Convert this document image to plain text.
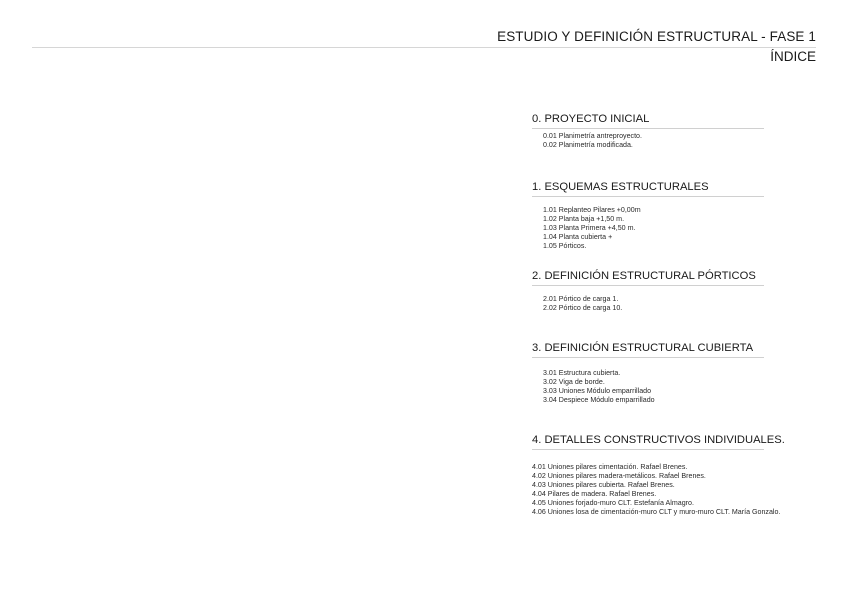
ESTUDIO Y DEFINICIÓN ESTRUCTURAL - FASE 1
ÍNDICE
0. PROYECTO INICIAL
0.01 Planimetría antreproyecto.
0.02 Planimetría modificada.
1. ESQUEMAS ESTRUCTURALES
1.01 Replanteo Pilares +0,00m
1.02 Planta baja +1,50 m.
1.03 Planta Primera +4,50 m.
1.04 Planta cubierta +
1.05 Pórticos.
2. DEFINICIÓN ESTRUCTURAL PÓRTICOS
2.01 Pórtico de carga 1.
2.02 Pórtico de carga 10.
3. DEFINICIÓN ESTRUCTURAL CUBIERTA
3.01 Estructura cubierta.
3.02 Viga de borde.
3.03 Uniones Módulo emparrillado
3.04 Despiece Módulo emparrillado
4. DETALLES CONSTRUCTIVOS INDIVIDUALES.
4.01 Uniones pilares cimentación. Rafael Brenes.
4.02 Uniones pilares madera-metálicos. Rafael Brenes.
4.03 Uniones pilares cubierta. Rafael Brenes.
4.04 Pilares de madera. Rafael Brenes.
4.05 Uniones forjado-muro CLT. Estefanía Almagro.
4.06 Uniones losa de cimentación-muro CLT y muro-muro CLT. María Gonzalo.
